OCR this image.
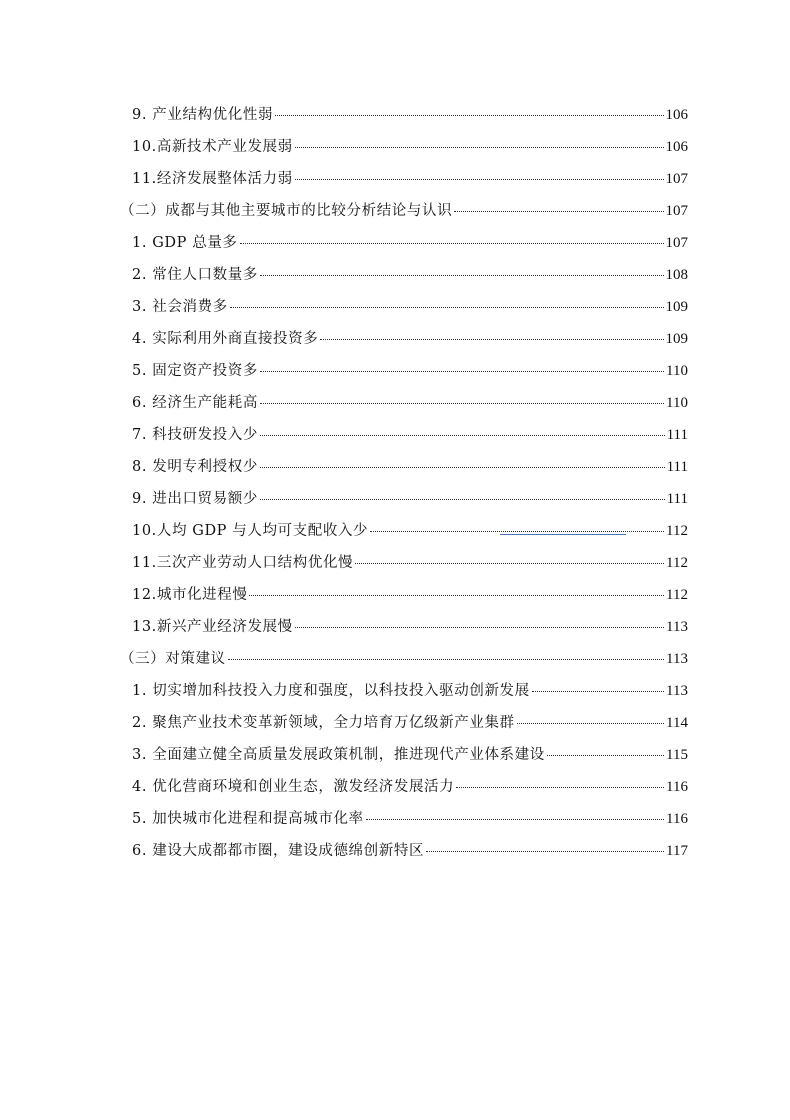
9. 产业结构优化性弱	106
10.高新技术产业发展弱	106
11.经济发展整体活力弱	107
（二）成都与其他主要城市的比较分析结论与认识	107
1. GDP 总量多	107
2. 常住人口数量多	108
3. 社会消费多	109
4. 实际利用外商直接投资多	109
5. 固定资产投资多	110
6. 经济生产能耗高	110
7. 科技研发投入少	111
8. 发明专利授权少	111
9. 进出口贸易额少	111
10.人均 GDP 与人均可支配收入少	112
11.三次产业劳动人口结构优化慢	112
12.城市化进程慢	112
13.新兴产业经济发展慢	113
（三）对策建议	113
1. 切实增加科技投入力度和强度，以科技投入驱动创新发展	113
2. 聚焦产业技术变革新领域，全力培育万亿级新产业集群	114
3. 全面建立健全高质量发展政策机制，推进现代产业体系建设	115
4. 优化营商环境和创业生态，激发经济发展活力	116
5. 加快城市化进程和提高城市化率	116
6. 建设大成都都市圈，建设成德绵创新特区	117
